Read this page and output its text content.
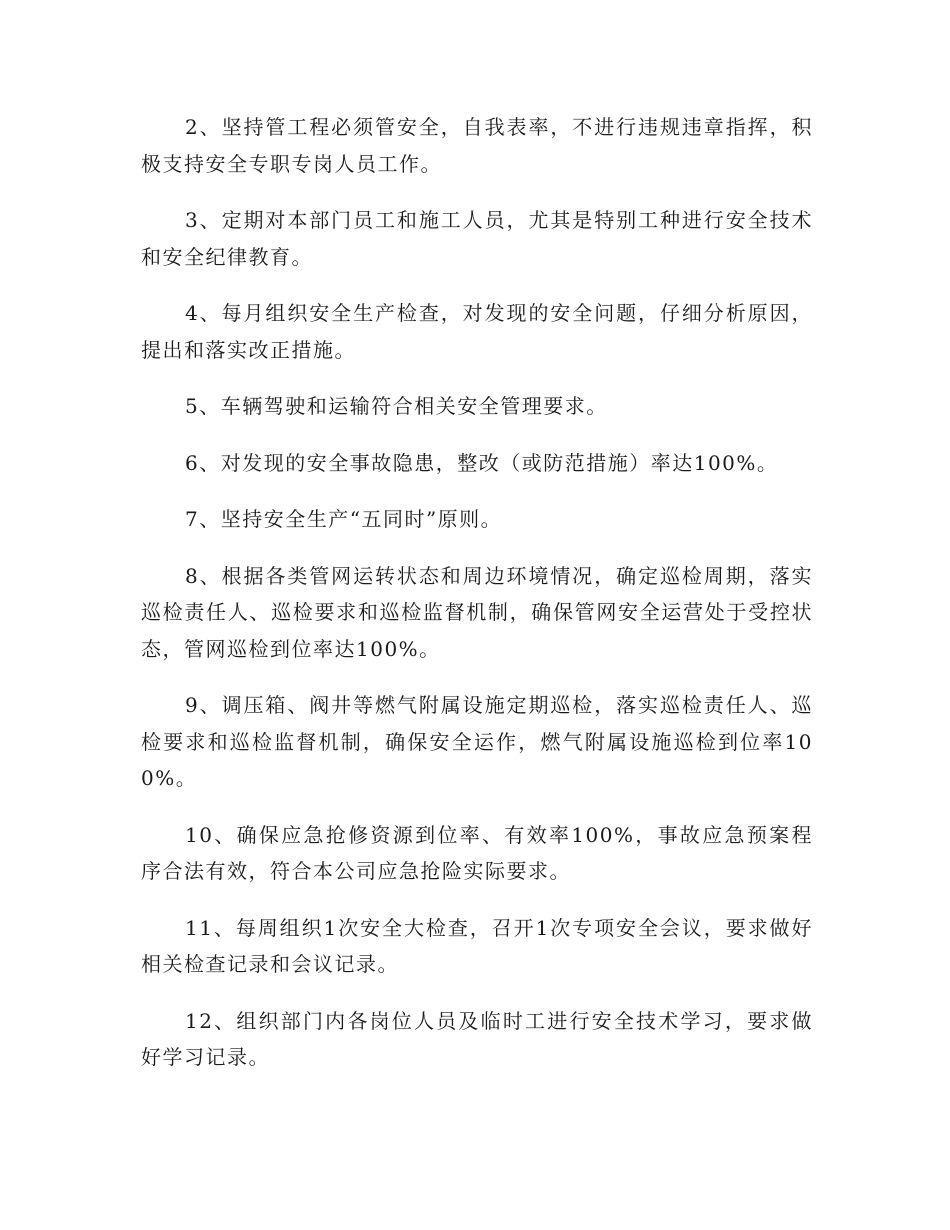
2、坚持管工程必须管安全，自我表率，不进行违规违章指挥，积极支持安全专职专岗人员工作。

3、定期对本部门员工和施工人员，尤其是特别工种进行安全技术和安全纪律教育。

4、每月组织安全生产检查，对发现的安全问题，仔细分析原因，提出和落实改正措施。

5、车辆驾驶和运输符合相关安全管理要求。

6、对发现的安全事故隐患，整改（或防范措施）率达100%。

7、坚持安全生产“五同时”原则。

8、根据各类管网运转状态和周边环境情况，确定巡检周期，落实巡检责任人、巡检要求和巡检监督机制，确保管网安全运营处于受控状态，管网巡检到位率达100%。

9、调压箱、阀井等燃气附属设施定期巡检，落实巡检责任人、巡检要求和巡检监督机制，确保安全运作，燃气附属设施巡检到位率100%。

10、确保应急抢修资源到位率、有效率100%，事故应急预案程序合法有效，符合本公司应急抢险实际要求。

11、每周组织1次安全大检查，召开1次专项安全会议，要求做好相关检查记录和会议记录。

12、组织部门内各岗位人员及临时工进行安全技术学习，要求做好学习记录。
